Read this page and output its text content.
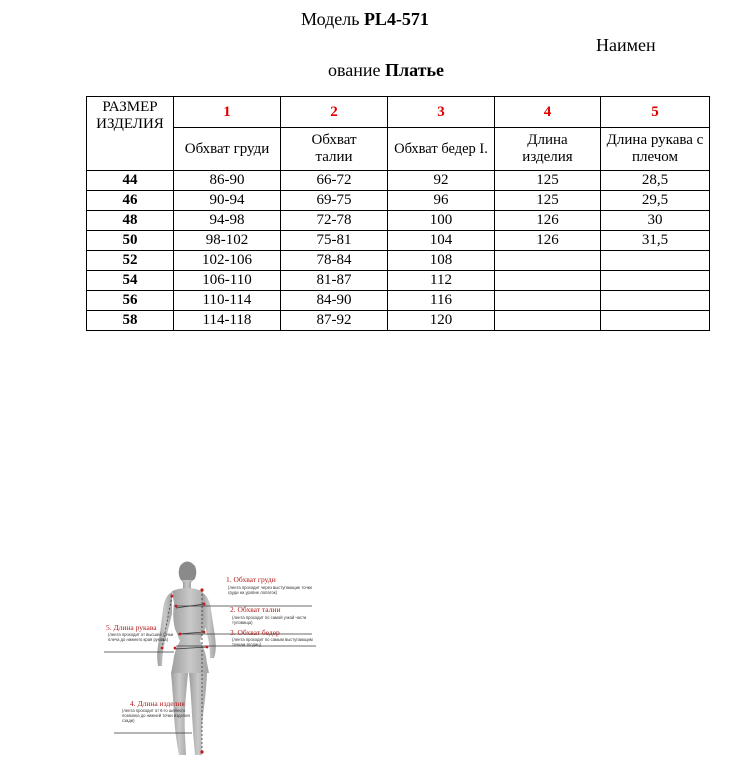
Модель PL4-571
Наимен
ование Платье
РАЗМЕР ИЗДЕЛИЯ	1	2	3	4	5
	Обхват груди	Обхват талии	Обхват бедер I.	Длина изделия	Длина рукава с плечом
44	86-90	66-72	92	125	28,5
46	90-94	69-75	96	125	29,5
48	94-98	72-78	100	126	30
50	98-102	75-81	104	126	31,5
52	102-106	78-84	108		
54	106-110	81-87	112		
56	110-114	84-90	116		
58	114-118	87-92	120		
1. Обхват груди
(лента проходит через выступающие точки груди на уровне лопаток)
2. Обхват талии
(лента проходит по самой узкой части туловища)
3. Обхват бедер
(лента проходит по самым выступающим точкам ягодиц)
5. Длина рукава
(лента проходит от высшей точки плеча до нижнего края рукава)
4. Длина изделия
(лента проходит от 6-го шейного позвонка до нижней точки изделия сзади)
